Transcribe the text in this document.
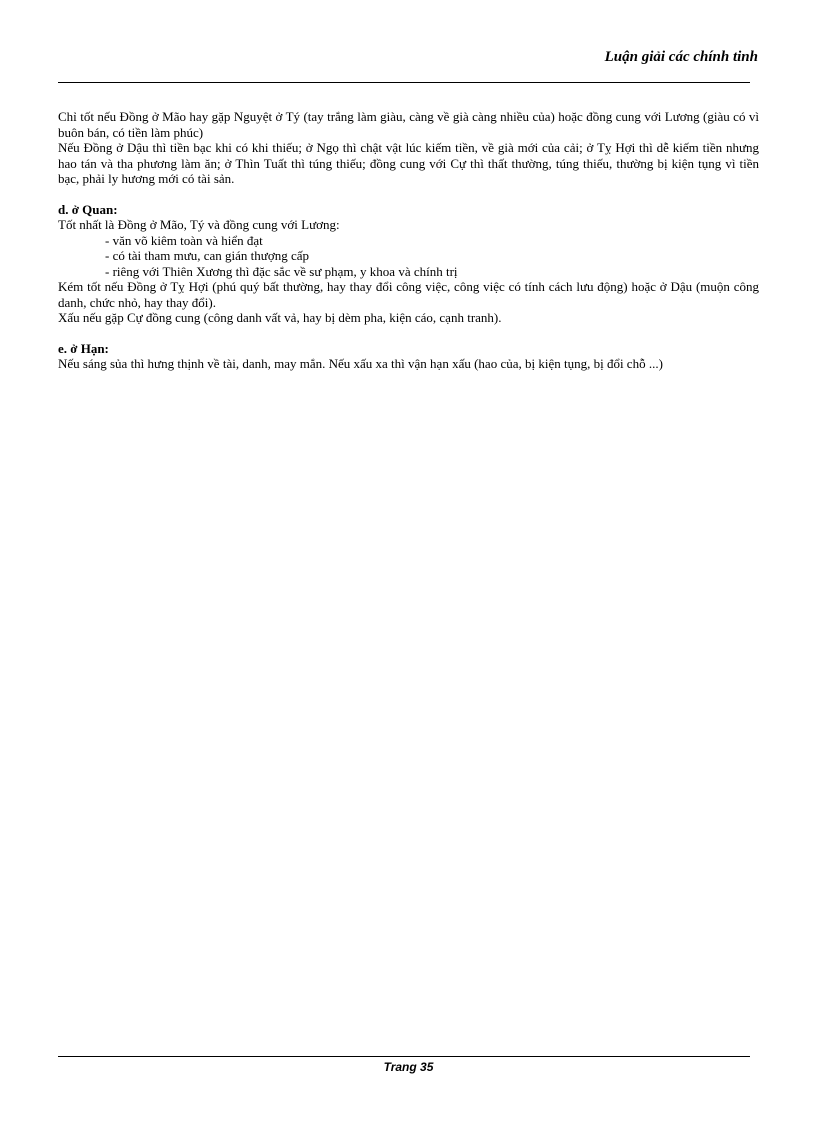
Luận giải các chính tinh

Chỉ tốt nếu Đồng ở Mão hay gặp Nguyệt ở Tý (tay trắng làm giàu, càng về già càng nhiều của) hoặc đồng cung với Lương (giàu có vì buôn bán, có tiền làm phúc)

Nếu Đồng ở Dậu thì tiền bạc khi có khi thiếu; ở Ngọ thì chật vật lúc kiếm tiền, về già mới của cải; ở Tỵ Hợi thì dễ kiếm tiền nhưng hao tán và tha phương làm ăn; ở Thìn Tuất thì túng thiếu; đồng cung với Cự thì thất thường, túng thiếu, thường bị kiện tụng vì tiền bạc, phải ly hương mới có tài sản.

d. ở Quan:

Tốt nhất là Đồng ở Mão, Tý và đồng cung với Lương:

- văn võ kiêm toàn và hiển đạt

- có tài tham mưu, can gián thượng cấp

- riêng với Thiên Xương thì đặc sắc về sư phạm, y khoa và chính trị

Kém tốt nếu Đồng ở Tỵ Hợi (phú quý bất thường, hay thay đổi công việc, công việc có tính cách lưu động) hoặc ở Dậu (muộn công danh, chức nhỏ, hay thay đổi).

Xấu nếu gặp Cự đồng cung (công danh vất vả, hay bị dèm pha, kiện cáo, cạnh tranh).

e. ở Hạn:

Nếu sáng sủa thì hưng thịnh về tài, danh, may mắn. Nếu xấu xa thì vận hạn xấu (hao của, bị kiện tụng, bị đổi chỗ ...)

Trang 35
